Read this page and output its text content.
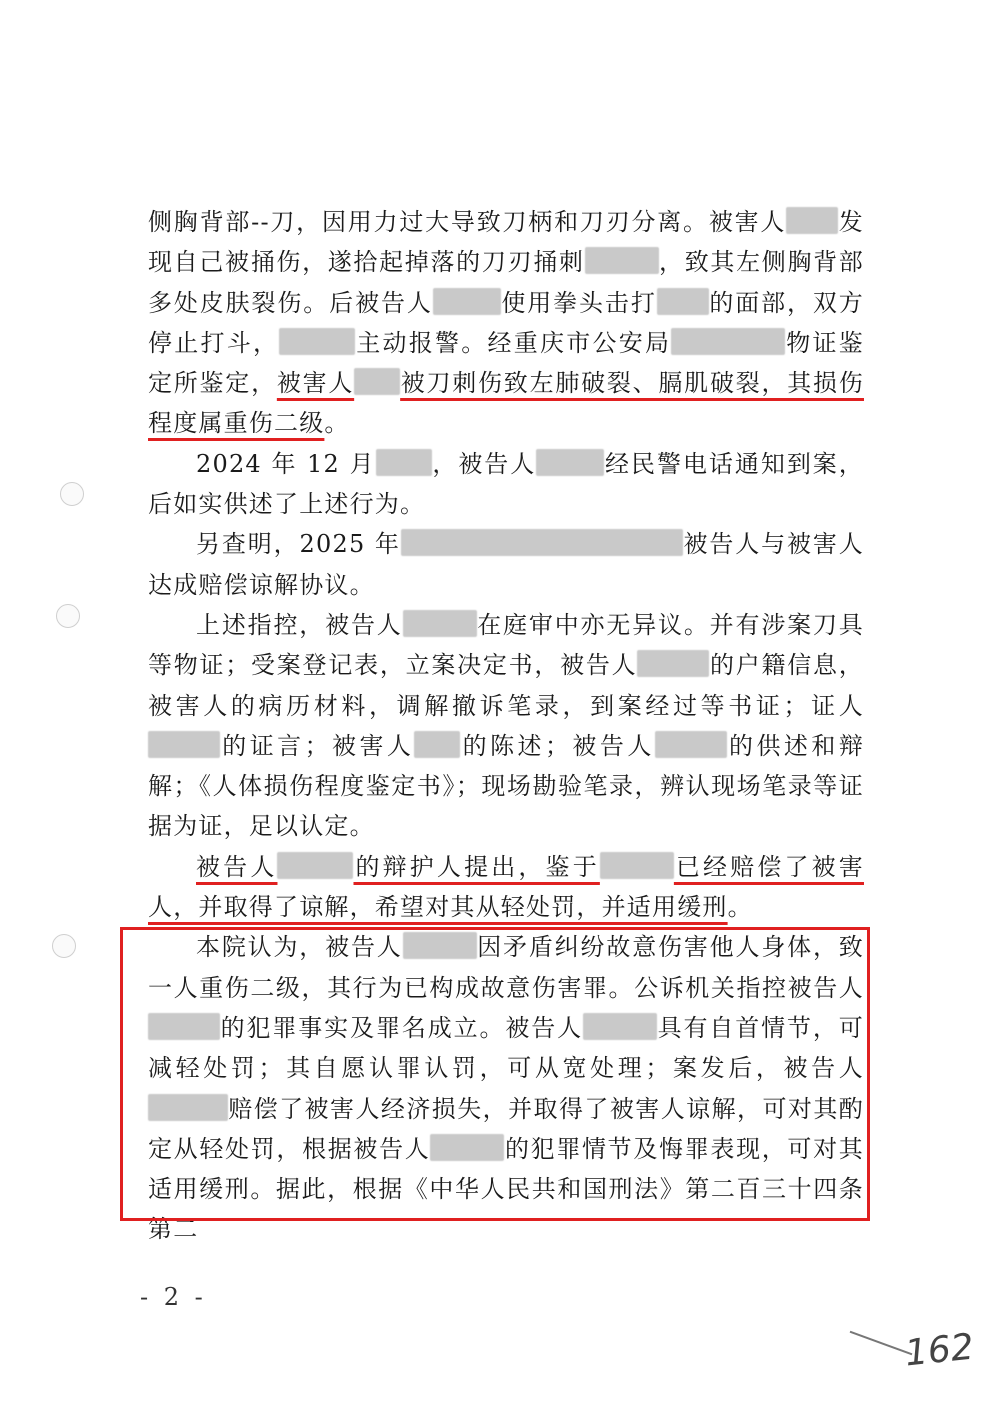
侧胸背部--刀，因用力过大导致刀柄和刀刃分离。被害人 发现自己被捅伤，遂拾起掉落的刀刃捅刺	，致其左侧胸背部多处皮肤裂伤。后被告人	使用拳头击打 的面部，双方停止打斗，	主动报警。经重庆市公安局	物证鉴定所鉴定，被害人 被刀刺伤致左肺破裂、膈肌破裂，其损伤程度属重伤二级。

2024 年 12 月 ，被告人	经民警电话通知到案，后如实供述了上述行为。

另查明，2025 年	被告人与被害人达成赔偿谅解协议。

上述指控，被告人	在庭审中亦无异议。并有涉案刀具等物证；受案登记表，立案决定书，被告人	的户籍信息，被害人的病历材料，调解撤诉笔录，到案经过等书证；证人的证言；被害人 的陈述；被告人	的供述和辩解；《人体损伤程度鉴定书》；现场勘验笔录，辨认现场笔录等证据为证，足以认定。

被告人	的辩护人提出，鉴于	已经赔偿了被害人，并取得了谅解，希望对其从轻处罚，并适用缓刑。

本院认为，被告人	因矛盾纠纷故意伤害他人身体，致一人重伤二级，其行为已构成故意伤害罪。公诉机关指控被告人的犯罪事实及罪名成立。被告人	具有自首情节，可减轻处罚；其自愿认罪认罚，可从宽处理；案发后，被告人赔偿了被害人经济损失，并取得了被害人谅解，可对其酌定从轻处罚，根据被告人	的犯罪情节及悔罪表现，可对其适用缓刑。据此，根据《中华人民共和国刑法》第二百三十四条第二

- 2 -
162
